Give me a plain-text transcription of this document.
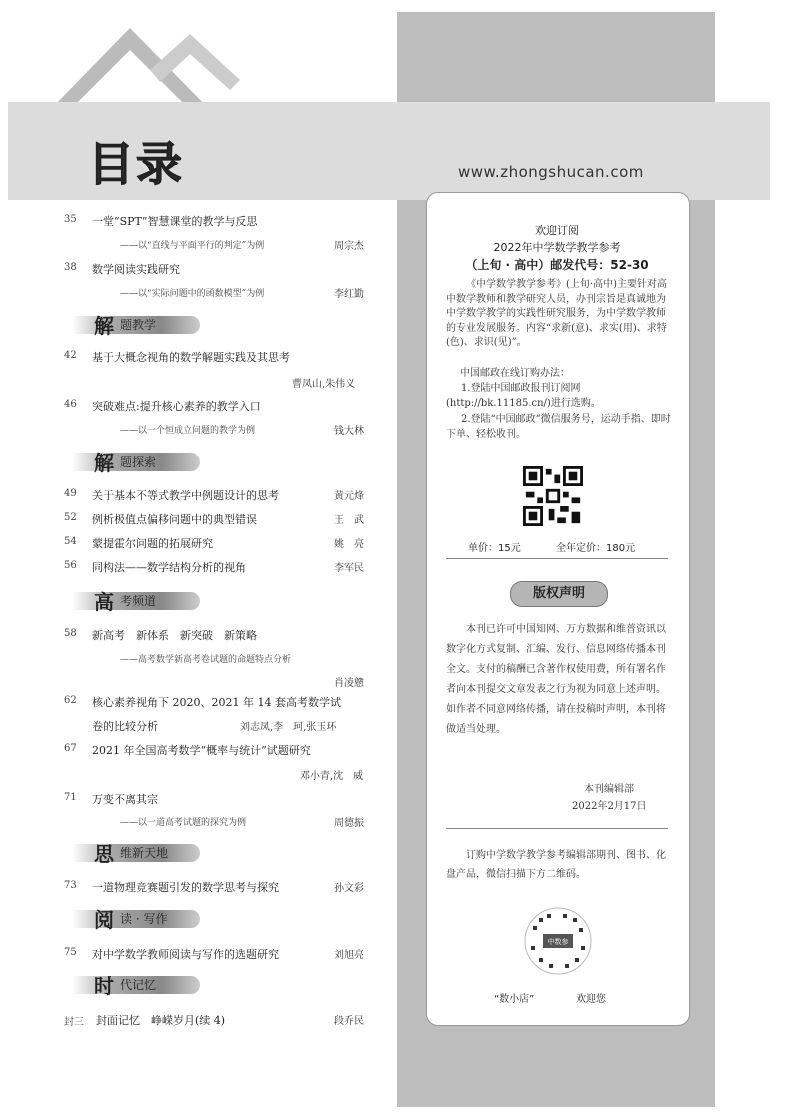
目录	www.zhongshucan.com
35 一堂“SPT”智慧课堂的教学与反思
——以“直线与平面平行的判定”为例	周宗杰
38 数学阅读实践研究
——以“实际问题中的函数模型”为例	李红勤
解 题教学
42 基于大概念视角的数学解题实践及其思考
曹凤山,朱伟义
46 突破难点:提升核心素养的教学入口
——以一个恒成立问题的教学为例	钱大林
解 题探索
49 关于基本不等式教学中例题设计的思考	黄元烽
52 例析极值点偏移问题中的典型错误	王　武
54 蒙提霍尔问题的拓展研究	姚　亮
56 同构法——数学结构分析的视角	李军民
高 考频道
58 新高考　新体系　新突破　新策略
——高考数学新高考卷试题的命题特点分析
肖凌戆
62 核心素养视角下 2020、2021 年 14 套高考数学试
卷的比较分析	刘志凤,李　珂,张玉环
67 2021 年全国高考数学“概率与统计”试题研究
邓小青,沈　威
71 万变不离其宗
——以一道高考试题的探究为例	周德振
思 维新天地
73 一道物理竞赛题引发的数学思考与探究	孙文彩
阅 读 · 写作
75 对中学数学教师阅读与写作的选题研究	刘旭亮
时 代记忆
封三 封面记忆　峥嵘岁月(续 4)	段乔民
欢迎订阅
2022年中学数学教学参考
（上旬 · 高中）邮发代号：52-30
《中学数学教学参考》(上旬·高中)主要针对高中数学教师和教学研究人员，办刊宗旨是真诚地为中学数学教学的实践性研究服务，为中学数学教师的专业发展服务。内容“求新(意)、求实(用)、求特(色)、求识(见)”。
中国邮政在线订购办法：
1.登陆中国邮政报刊订阅网(http://bk.11185.cn/)进行选购。
2.登陆“中国邮政”微信服务号，运动手指、即时下单、轻松收刊。
单价：15元	全年定价：180元
版权声明
本刊已许可中国知网、万方数据和维普资讯以数字化方式复制、汇编、发行、信息网络传播本刊全文。支付的稿酬已含著作权使用费，所有署名作者向本刊提交文章发表之行为视为同意上述声明。如作者不同意网络传播，请在投稿时声明，本刊将做适当处理。
本刊编辑部
2022年2月17日
订购中学数学教学参考编辑部期刊、图书、化盘产品，微信扫描下方二维码。
中数参
“数小店”	欢迎您
